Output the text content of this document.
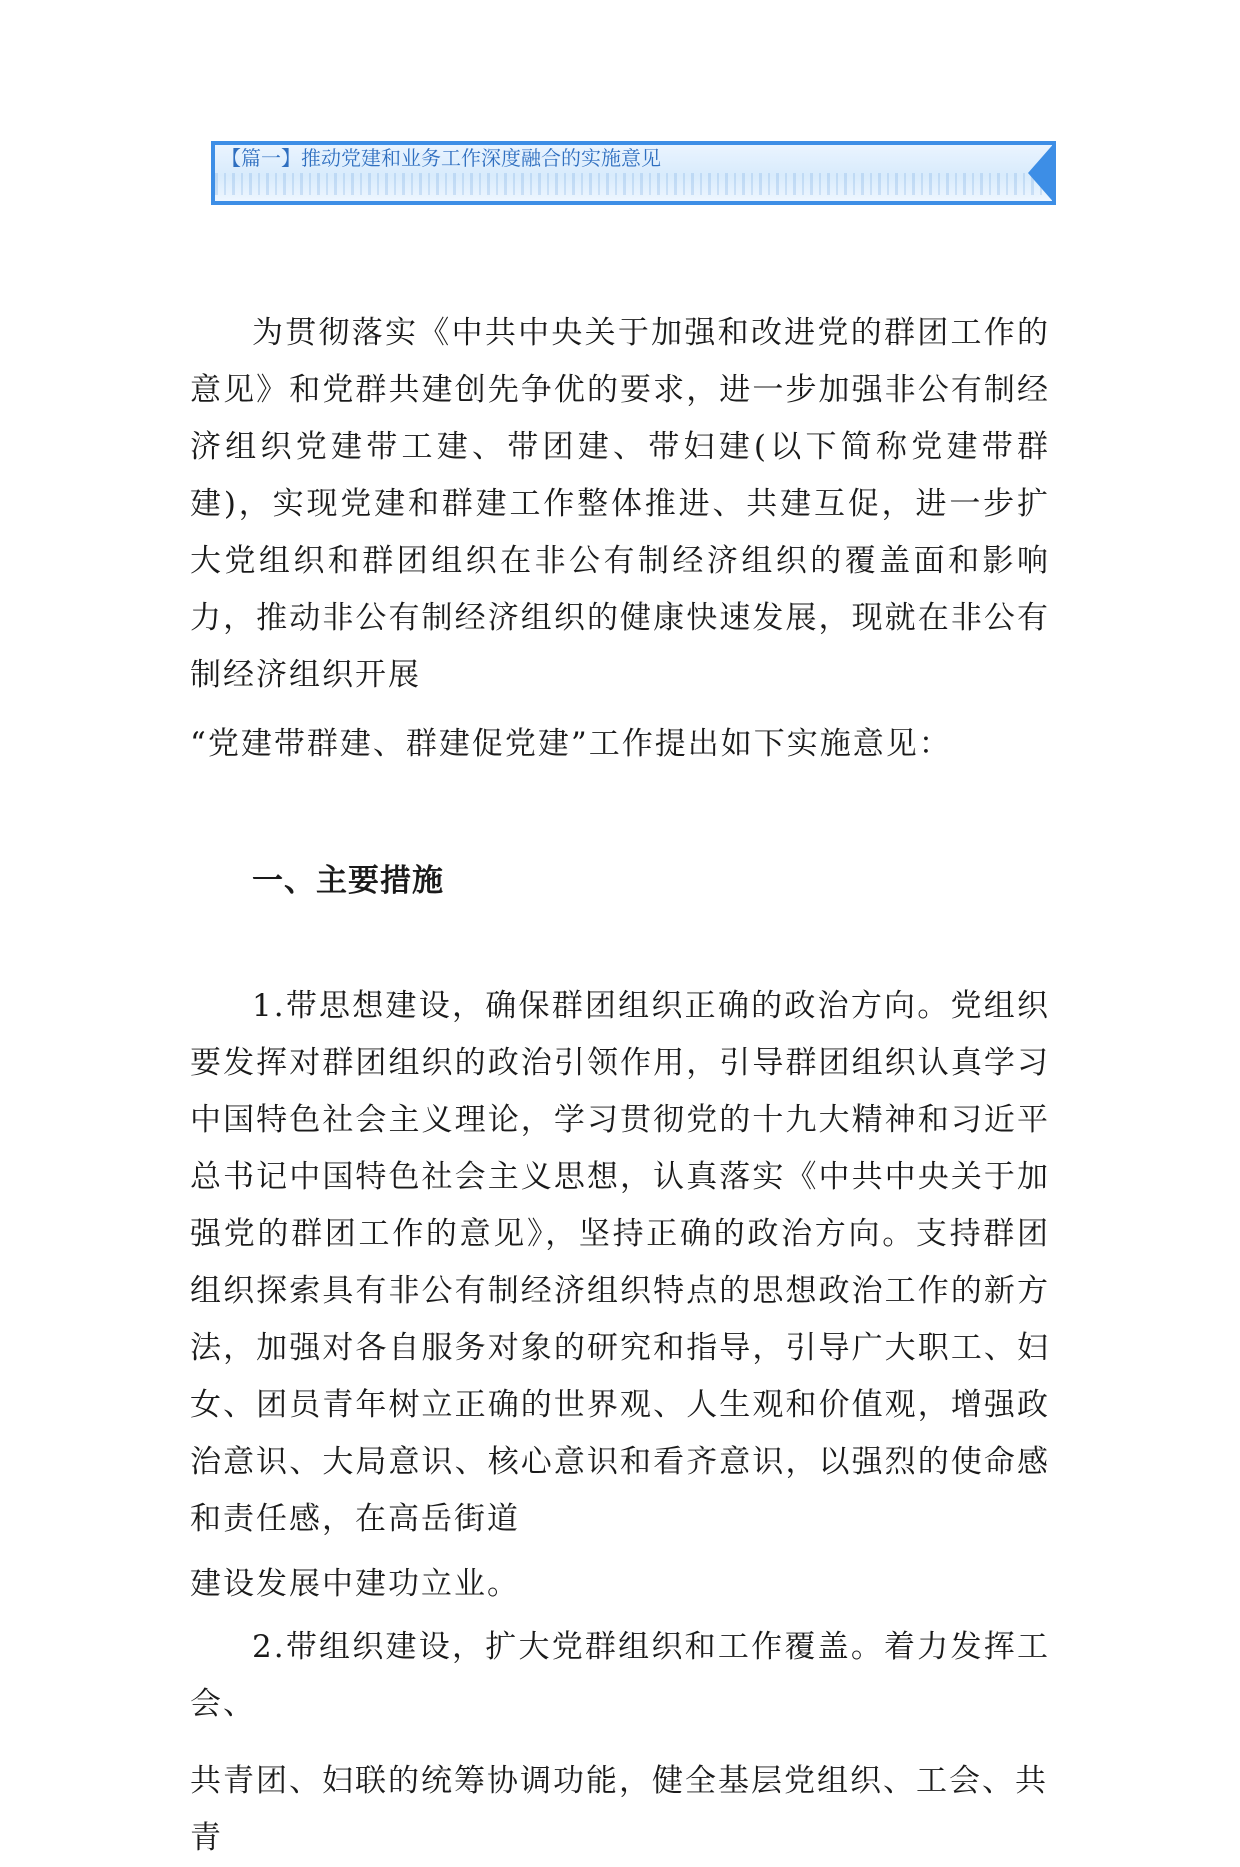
【篇一】推动党建和业务工作深度融合的实施意见

为贯彻落实《中共中央关于加强和改进党的群团工作的意见》和党群共建创先争优的要求，进一步加强非公有制经济组织党建带工建、带团建、带妇建(以下简称党建带群建)，实现党建和群建工作整体推进、共建互促，进一步扩大党组织和群团组织在非公有制经济组织的覆盖面和影响力，推动非公有制经济组织的健康快速发展，现就在非公有制经济组织开展

“党建带群建、群建促党建”工作提出如下实施意见：

一、主要措施

1.带思想建设，确保群团组织正确的政治方向。党组织要发挥对群团组织的政治引领作用，引导群团组织认真学习中国特色社会主义理论，学习贯彻党的十九大精神和习近平总书记中国特色社会主义思想，认真落实《中共中央关于加强党的群团工作的意见》，坚持正确的政治方向。支持群团组织探索具有非公有制经济组织特点的思想政治工作的新方法，加强对各自服务对象的研究和指导，引导广大职工、妇女、团员青年树立正确的世界观、人生观和价值观，增强政治意识、大局意识、核心意识和看齐意识，以强烈的使命感和责任感，在高岳街道

建设发展中建功立业。

2.带组织建设，扩大党群组织和工作覆盖。着力发挥工会、

共青团、妇联的统筹协调功能，健全基层党组织、工会、共青
